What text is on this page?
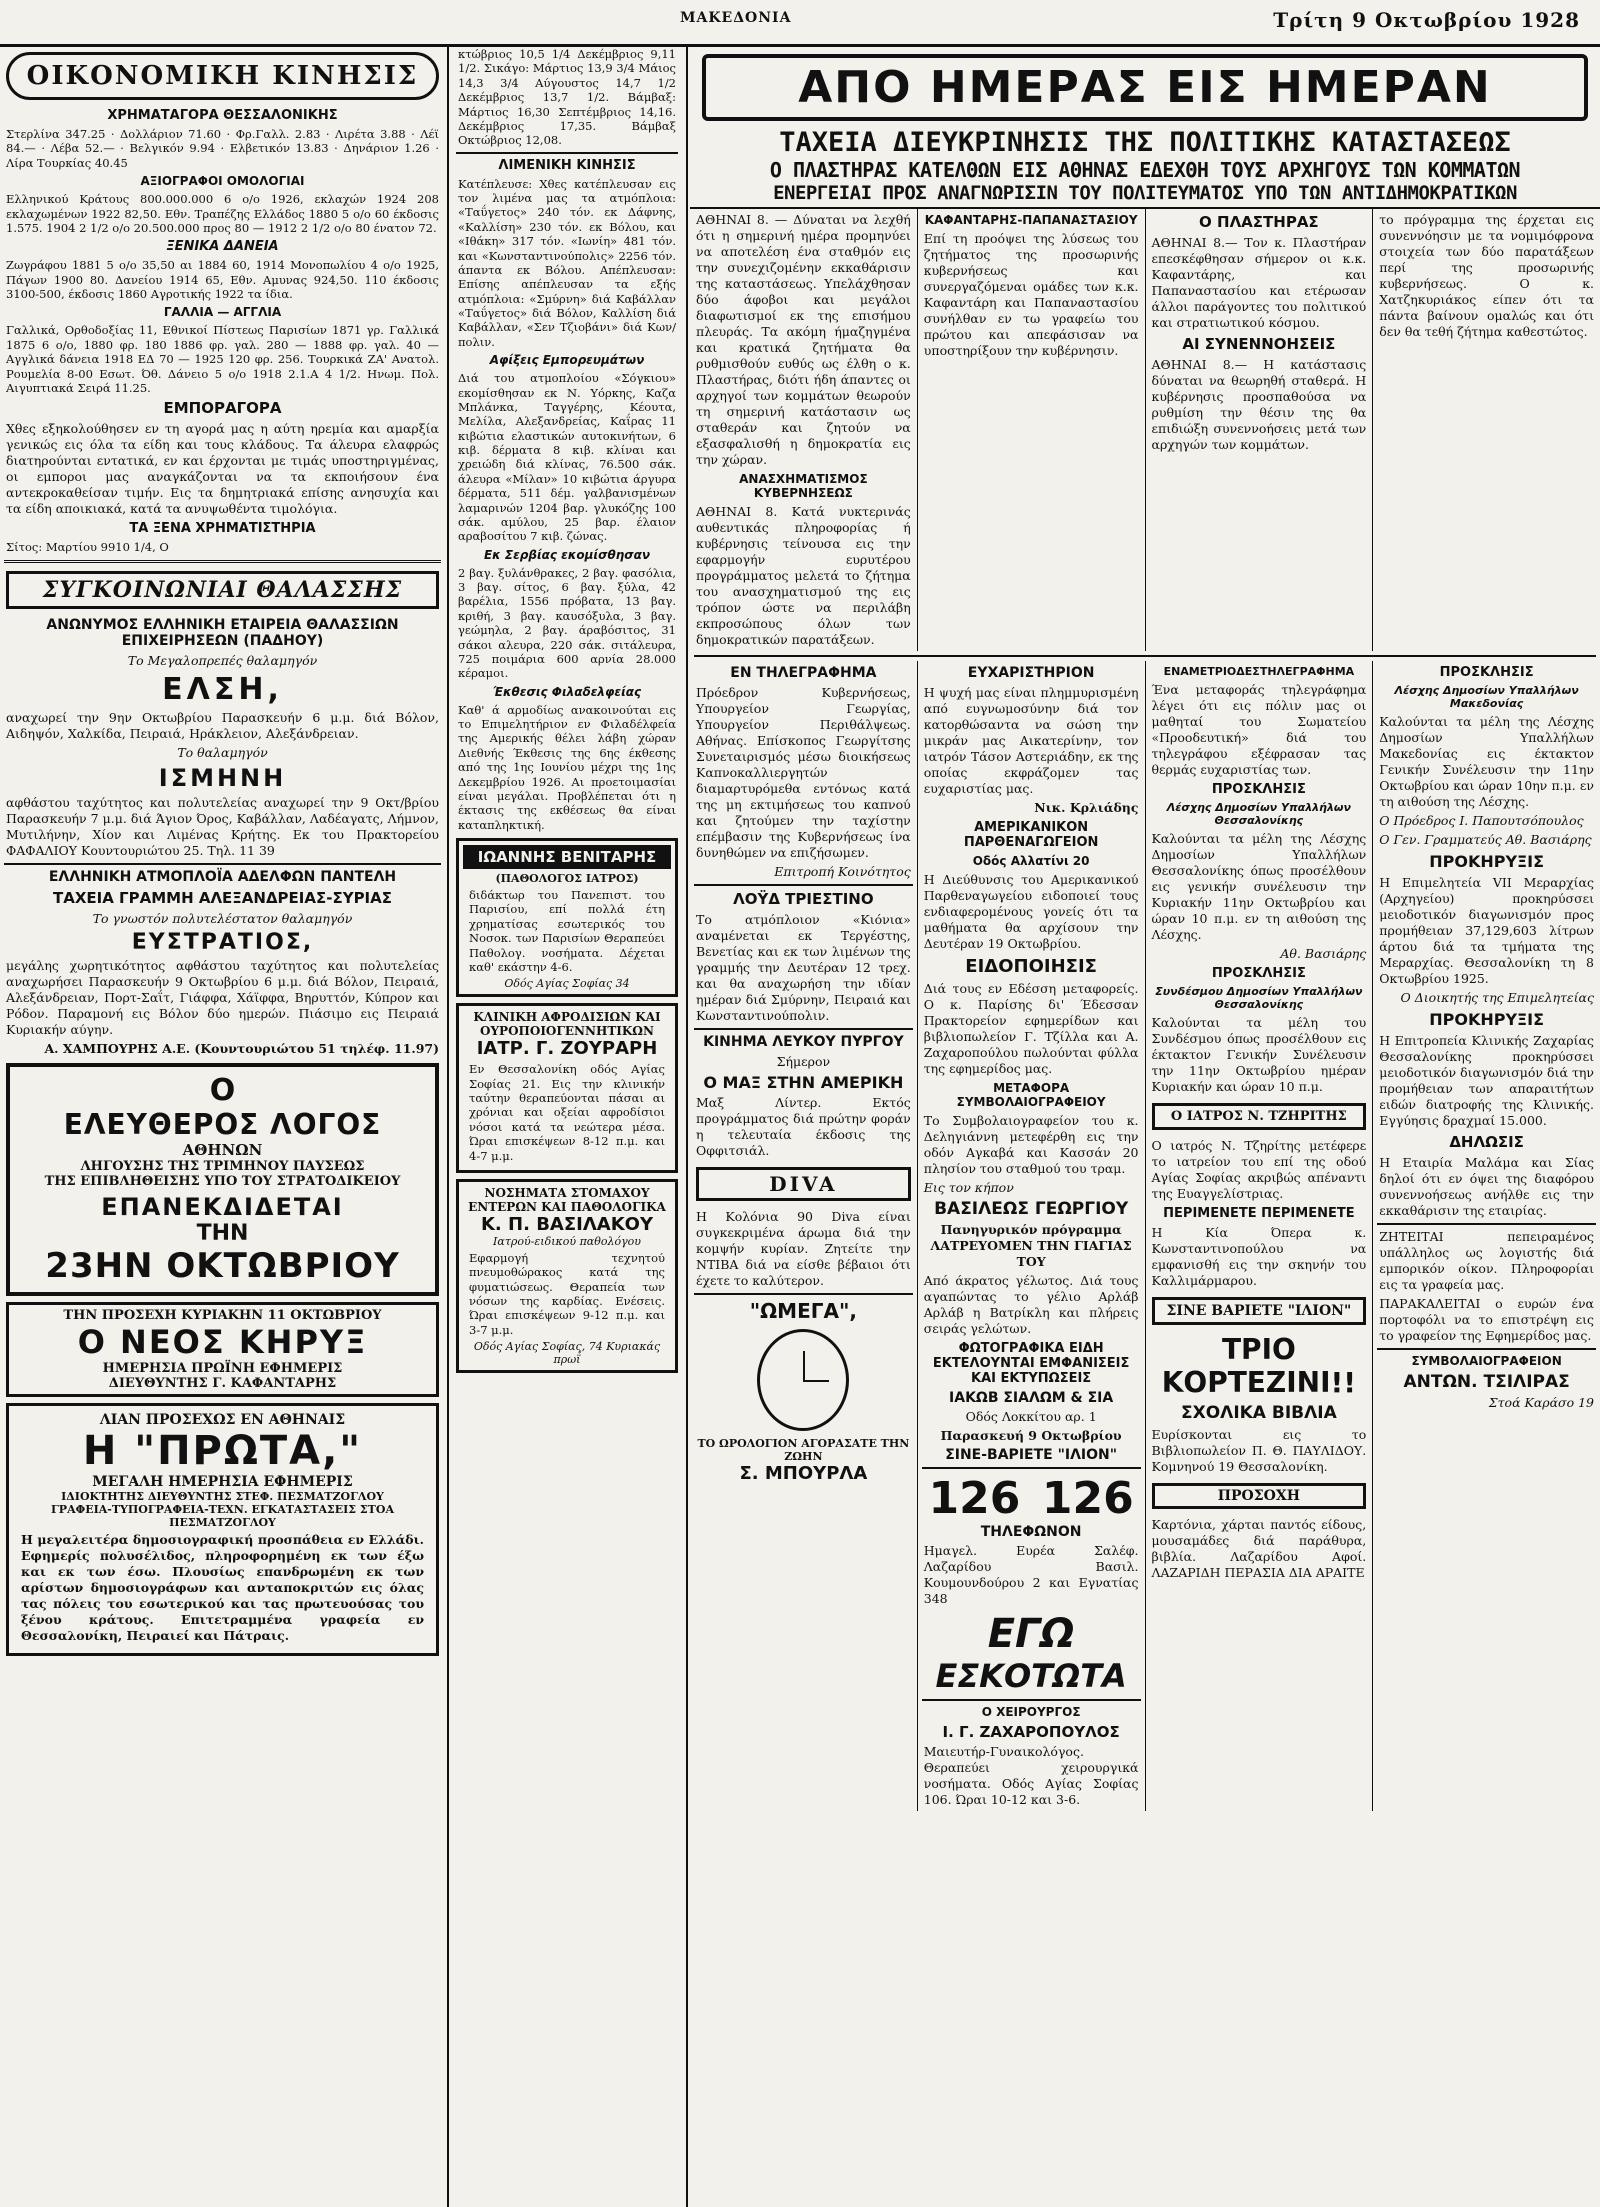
ΜΑΚΕΔΟΝΙΑ	Τρίτη 9 Οκτωβρίου 1928
ΟΙΚΟΝΟΜΙΚΗ ΚΙΝΗΣΙΣ
ΧΡΗΜΑΤΑΓΟΡΑ ΘΕΣΣΑΛΟΝΙΚΗΣ
Στερλίνα 347.25 · Δολλάριον 71.60 · Φρ.Γαλλ. 2.83 · Λιρέτα 3.88 · Λέϊ 84.— · Λέβα 52.— · Βελγικόν 9.94 · Ελβετικόν 13.83 · Δηνάριον 1.26 · Λίρα Τουρκίας 40.45
ΑΞΙΟΓΡΑΦΟΙ ΟΜΟΛΟΓΙΑΙ
Ελληνικού Κράτους 800.000.000 6 ο/ο 1926, εκλαχών 1924 208 εκλαχωμένων 1922 82,50. Εθν. Τραπέζης Ελλάδος 1880 5 ο/ο 60 έκδοσις 1.575. 1904 2 1/2 ο/ο 20.500.000 προς 80 — 1912 2 1/2 ο/ο 80 ένατον 72.
ΞΕΝΙΚΑ ΔΑΝΕΙΑ
Ζωγράφου 1881 5 ο/ο 35,50 αι 1884 60, 1914 Μονοπωλίου 4 ο/ο 1925, Πάγων 1900 80. Δανείου 1914 65, Εθν. Αμυνας 924,50. 110 έκδοσις 3100-500, έκδοσις 1860 Αγροτικής 1922 τα ίδια.
ΓΑΛΛΙΑ — ΑΓΓΛΙΑ
Γαλλικά, Ορθοδοξίας 11, Εθνικοί Πίστεως Παρισίων 1871 γρ. Γαλλικά 1875 6 ο/ο, 1880 φρ. 180 1886 φρ. γαλ. 280 — 1888 φρ. γαλ. 40 — Αγγλικά δάνεια 1918 ΕΔ 70 — 1925 120 φρ. 256. Τουρκικά ΖΑ' Ανατολ. Ρουμελία 8-00 Εσωτ. Όθ. Δάνειο 5 ο/ο 1918 2.1.Α 4 1/2. Ηνωμ. Πολ. Αιγυπτιακά Σειρά 11.25.
ΕΜΠΟΡΑΓΟΡΑ
Χθες εξηκολούθησεν εν τη αγορά μας η αύτη ηρεμία και αμαρξία γενικώς εις όλα τα είδη και τους κλάδους. Τα άλευρα ελαφρώς διατηρούνται εντατικά, εν και έρχονται με τιμάς υποστηριγμένας, οι εμποροι μας αναγκάζονται να τα εκποιήσουν ένα αντεκροκαθείσαν τιμήν. Εις τα δημητριακά επίσης ανησυχία και τα είδη αποικιακά, κατά τα ανυψωθέντα τιμολόγια.
ΤΑ ΞΕΝΑ ΧΡΗΜΑΤΙΣΤΗΡΙΑ
Σίτος: Μαρτίου 9910 1/4, Ο
ΣΥΓΚΟΙΝΩΝΙΑΙ ΘΑΛΑΣΣΗΣ
ΑΝΩΝΥΜΟΣ ΕΛΛΗΝΙΚΗ ΕΤΑΙΡΕΙΑ ΘΑΛΑΣΣΙΩΝ ΕΠΙΧΕΙΡΗΣΕΩΝ (ΠΑΔΗΟΥ)
Το Μεγαλοπρεπές θαλαμηγόν
ΕΛΣΗ,
αναχωρεί την 9ην Οκτωβρίου Παρασκευήν 6 μ.μ. διά Βόλον, Αιδηψόν, Χαλκίδα, Πειραιά, Ηράκλειον, Αλεξάνδρειαν.
Το θαλαμηγόν
ΙΣΜΗΝΗ
αφθάστου ταχύτητος και πολυτελείας αναχωρεί την 9 Οκτ/βρίου Παρασκευήν 7 μ.μ. διά Άγιον Όρος, Καβάλλαν, Λαδέαγατς, Λήμνον, Μυτιλήνην, Χίον και Λιμένας Κρήτης. Εκ του Πρακτορείου ΦΑΦΑΛΙΟΥ Κουντουριώτου 25. Τηλ. 11 39
ΕΛΛΗΝΙΚΗ ΑΤΜΟΠΛΟΪΑ ΑΔΕΛΦΩΝ ΠΑΝΤΕΛΗ
ΤΑΧΕΙΑ ΓΡΑΜΜΗ ΑΛΕΞΑΝΔΡΕΙΑΣ-ΣΥΡΙΑΣ
Το γνωστόν πολυτελέστατον θαλαμηγόν
ΕΥΣΤΡΑΤΙΟΣ,
μεγάλης χωρητικότητος αφθάστου ταχύτητος και πολυτελείας αναχωρήσει Παρασκευήν 9 Οκτωβρίου 6 μ.μ. διά Βόλον, Πειραιά, Αλεξάνδρειαν, Πορτ-Σαΐτ, Γιάφφα, Χάϊφφα, Βηρυττόν, Κύπρον και Ρόδον. Παραμονή εις Βόλον δύο ημερών. Πιάσιμο εις Πειραιά Κυριακήν αύγην.
Α. ΧΑΜΠΟΥΡΗΣ Α.Ε. (Κουντουριώτου 51 τηλέφ. 11.97)
Ο
ΕΛΕΥΘΕΡΟΣ ΛΟΓΟΣ
ΑΘΗΝΩΝ
ΛΗΓΟΥΣΗΣ ΤΗΣ ΤΡΙΜΗΝΟΥ ΠΑΥΣΕΩΣ
ΤΗΣ ΕΠΙΒΛΗΘΕΙΣΗΣ ΥΠΟ ΤΟΥ ΣΤΡΑΤΟΔΙΚΕΙΟΥ
ΕΠΑΝΕΚΔΙΔΕΤΑΙ
ΤΗΝ
23ΗΝ ΟΚΤΩΒΡΙΟΥ
ΤΗΝ ΠΡΟΣΕΧΗ ΚΥΡΙΑΚΗΝ 11 ΟΚΤΩΒΡΙΟΥ
Ο ΝΕΟΣ ΚΗΡΥΞ
ΗΜΕΡΗΣΙΑ ΠΡΩΪΝΗ ΕΦΗΜΕΡΙΣ
ΔΙΕΥΘΥΝΤΗΣ Γ. ΚΑΦΑΝΤΑΡΗΣ
ΛΙΑΝ ΠΡΟΣΕΧΩΣ ΕΝ ΑΘΗΝΑΙΣ
Η "ΠΡΩΤΑ,"
ΜΕΓΑΛΗ ΗΜΕΡΗΣΙΑ ΕΦΗΜΕΡΙΣ
ΙΔΙΟΚΤΗΤΗΣ ΔΙΕΥΘΥΝΤΗΣ ΣΤΕΦ. ΠΕΣΜΑΤΖΟΓΛΟΥ
ΓΡΑΦΕΙΑ-ΤΥΠΟΓΡΑΦΕΙΑ-ΤΕΧΝ. ΕΓΚΑΤΑΣΤΑΣΕΙΣ ΣΤΟΑ ΠΕΣΜΑΤΖΟΓΛΟΥ
Η μεγαλειτέρα δημοσιογραφική προσπάθεια εν Ελλάδι. Εφημερίς πολυσέλιδος, πληροφορημένη εκ των έξω και εκ των έσω. Πλουσίως επανδρωμένη εκ των αρίστων δημοσιογράφων και ανταποκριτών εις όλας τας πόλεις του εσωτερικού και τας πρωτευούσας του ξένου κράτους. Επιτετραμμένα γραφεία εν Θεσσαλονίκη, Πειραιεί και Πάτραις.
κτώβριος 10,5 1/4 Δεκέμβριος 9,11 1/2. Σικάγο: Μάρτιος 13,9 3/4 Μάιος 14,3 3/4 Αύγουστος 14,7 1/2 Δεκέμβριος 13,7 1/2. Βάμβαξ: Μάρτιος 16,30 Σεπτέμβριος 14,16. Δεκέμβριος 17,35. Βάμβαξ Οκτώβριος 12,08.
ΛΙΜΕΝΙΚΗ ΚΙΝΗΣΙΣ
Κατέπλευσε: Χθες κατέπλευσαν εις τον λιμένα μας τα ατμόπλοια: «Ταΰγετος» 240 τόν. εκ Δάφνης, «Καλλίση» 230 τόν. εκ Βόλου, και «Ιθάκη» 317 τόν. «Ιωνίη» 481 τόν. και «Κωνσταντινούπολις» 2256 τόν. άπαντα εκ Βόλου. Απέπλευσαν: Επίσης απέπλευσαν τα εξής ατμόπλοια: «Σμύρνη» διά Καβάλλαν «Ταΰγετος» διά Βόλον, Καλλίση διά Καβάλλαν, «Σεν Τζιοβάνι» διά Κων/πολιν.
Αφίξεις Εμπορευμάτων
Διά του ατμοπλοίου «Σόγκιου» εκομίσθησαν εκ Ν. Υόρκης, Καζα Μπλάνκα, Ταγγέρης, Κέουτα, Μελίλα, Αλεξανδρείας, Καΐρας 11 κιβώτια ελαστικών αυτοκινήτων, 6 κιβ. δέρματα 8 κιβ. κλίναι και χρειώδη διά κλίνας, 76.500 σάκ. άλευρα «Μίλαν» 10 κιβώτια άργυρα δέρματα, 511 δέμ. γαλβανισμένων λαμαρινών 1204 βαρ. γλυκόζης 100 σάκ. αμύλου, 25 βαρ. έλαιον αραβοσίτου 7 κιβ. ζώνας.
Εκ Σερβίας εκομίσθησαν
2 βαγ. ξυλάνθρακες, 2 βαγ. φασόλια, 3 βαγ. σίτος, 6 βαγ. ξύλα, 42 βαρέλια, 1556 πρόβατα, 13 βαγ. κριθή, 3 βαγ. καυσόξυλα, 3 βαγ. γεώμηλα, 2 βαγ. άραβόσιτος, 31 σάκοι αλευρα, 220 σάκ. σιτάλευρα, 725 ποιμάρια 600 αρνία 28.000 κέραμοι.
Έκθεσις Φιλαδελφείας
Καθ' ά αρμοδίως ανακοινούται εις το Επιμελητήριον εν Φιλαδέλφεία της Αμερικής θέλει λάβη χώραν Διεθνής Έκθεσις της 6ης έκθεσης από της 1ης Ιουνίου μέχρι της 1ης Δεκεμβρίου 1926. Αι προετοιμασίαι είναι μεγάλαι. Προβλέπεται ότι η έκτασις της εκθέσεως θα είναι καταπληκτική.
ΙΩΑΝΝΗΣ ΒΕΝΙΤΑΡΗΣ
(ΠΑΘΟΛΟΓΟΣ ΙΑΤΡΟΣ)
διδάκτωρ του Πανεπιστ. του Παρισίου, επί πολλά έτη χρηματίσας εσωτερικός του Νοσοκ. των Παρισίων Θεραπεύει Παθολογ. νοσήματα. Δέχεται καθ' εκάστην 4-6.
Οδός Αγίας Σοφίας 34
ΚΛΙΝΙΚΗ ΑΦΡΟΔΙΣΙΩΝ ΚΑΙ ΟΥΡΟΠΟΙΟΓΕΝΝΗΤΙΚΩΝ
ΙΑΤΡ. Γ. ΖΟΥΡΑΡΗ
Εν Θεσσαλονίκη οδός Αγίας Σοφίας 21. Εις την κλινικήν ταύτην θεραπεύονται πάσαι αι χρόνιαι και οξείαι αφροδίσιοι νόσοι κατά τα νεώτερα μέσα. Ώραι επισκέψεων 8-12 π.μ. και 4-7 μ.μ.
ΝΟΣΗΜΑΤΑ ΣΤΟΜΑΧΟΥ ΕΝΤΕΡΩΝ ΚΑΙ ΠΑΘΟΛΟΓΙΚΑ
Κ. Π. ΒΑΣΙΛΑΚΟΥ
Ιατρού-ειδικού παθολόγου
Εφαρμογή τεχνητού πνευμοθώρακος κατά της φυματιώσεως. Θεραπεία των νόσων της καρδίας. Ενέσεις. Ώραι επισκέψεων 9-12 π.μ. και 3-7 μ.μ.
Οδός Αγίας Σοφίας, 74 Κυριακάς πρωΐ
ΑΠΟ ΗΜΕΡΑΣ ΕΙΣ ΗΜΕΡΑΝ
ΤΑΧΕΙΑ ΔΙΕΥΚΡΙΝΗΣΙΣ ΤΗΣ ΠΟΛΙΤΙΚΗΣ ΚΑΤΑΣΤΑΣΕΩΣ
Ο ΠΛΑΣΤΗΡΑΣ ΚΑΤΕΛΘΩΝ ΕΙΣ ΑΘΗΝΑΣ ΕΔΕΧΘΗ ΤΟΥΣ ΑΡΧΗΓΟΥΣ ΤΩΝ ΚΟΜΜΑΤΩΝ
ΕΝΕΡΓΕΙΑΙ ΠΡΟΣ ΑΝΑΓΝΩΡΙΣΙΝ ΤΟΥ ΠΟΛΙΤΕΥΜΑΤΟΣ ΥΠΟ ΤΩΝ ΑΝΤΙΔΗΜΟΚΡΑΤΙΚΩΝ
ΑΘΗΝΑΙ 8. — Δύναται να λεχθή ότι η σημερινή ημέρα προμηνύει να αποτελέση ένα σταθμόν εις την συνεχιζομένην εκκαθάρισιν της καταστάσεως. Υπελάχθησαν δύο άφοβοι και μεγάλοι διαφωτισμοί εκ της επισήμου πλευράς. Τα ακόμη ήμαζηγμένα και κρατικά ζητήματα θα ρυθμισθούν ευθύς ως έλθη ο κ. Πλαστήρας, διότι ήδη άπαντες οι αρχηγοί των κομμάτων θεωρούν τη σημερινή κατάστασιν ως σταθεράν και ζητούν να εξασφαλισθή η δημοκρατία εις την χώραν.
ΑΝΑΣΧΗΜΑΤΙΣΜΟΣ ΚΥΒΕΡΝΗΣΕΩΣ
ΑΘΗΝΑΙ 8. Κατά νυκτερινάς αυθεντικάς πληροφορίας ή κυβέρνησις τείνουσα εις την εφαρμογήν ευρυτέρου προγράμματος μελετά το ζήτημα του ανασχηματισμού της εις τρόπον ώστε να περιλάβη εκπροσώπους όλων των δημοκρατικών παρατάξεων.
ΚΑΦΑΝΤΑΡΗΣ-ΠΑΠΑΝΑΣΤΑΣΙΟΥ
Επί τη προόψει της λύσεως του ζητήματος της προσωρινής κυβερνήσεως και συνεργαζόμεναι ομάδες των κ.κ. Καφαντάρη και Παπαναστασίου συνήλθαν εν τω γραφείω του πρώτου και απεφάσισαν να υποστηρίξουν την κυβέρνησιν.
Ο ΠΛΑΣΤΗΡΑΣ
ΑΘΗΝΑΙ 8.— Τον κ. Πλαστήραν επεσκέφθησαν σήμερον οι κ.κ. Καφαντάρης, και Παπαναστασίου και ετέρωσαν άλλοι παράγοντες του πολιτικού και στρατιωτικού κόσμου.
ΑΙ ΣΥΝΕΝΝΟΗΣΕΙΣ
ΑΘΗΝΑΙ 8.— Η κατάστασις δύναται να θεωρηθή σταθερά. Η κυβέρνησις προσπαθούσα να ρυθμίση την θέσιν της θα επιδιώξη συνεννοήσεις μετά των αρχηγών των κομμάτων.
το πρόγραμμα της έρχεται εις συνεννόησιν με τα νομιμόφρονα στοιχεία των δύο παρατάξεων περί της προσωρινής κυβερνήσεως. Ο κ. Χατζηκυριάκος είπεν ότι τα πάντα βαίνουν ομαλώς και ότι δεν θα τεθή ζήτημα καθεστώτος.
ΕΝ ΤΗΛΕΓΡΑΦΗΜΑ
Πρόεδρον Κυβερνήσεως, Υπουργείον Γεωργίας, Υπουργείον Περιθάλψεως. Αθήνας. Επίσκοπος Γεωργίτσης Συνεταιρισμός μέσω διοικήσεως Καπνοκαλλιεργητών διαμαρτυρόμεθα εντόνως κατά της μη εκτιμήσεως του καπνού και ζητούμεν την ταχίστην επέμβασιν της Κυβερνήσεως ίνα δυνηθώμεν να επιζήσωμεν.
Επιτροπή Κοινότητος
ΛΟΫΔ ΤΡΙΕΣΤΙΝΟ
Το ατμόπλοιον «Κιόνια» αναμένεται εκ Τεργέστης, Βενετίας και εκ των λιμένων της γραμμής την Δευτέραν 12 τρεχ. και θα αναχωρήση την ιδίαν ημέραν διά Σμύρνην, Πειραιά και Κωνσταντινούπολιν.
ΚΙΝΗΜΑ ΛΕΥΚΟΥ ΠΥΡΓΟΥ
Σήμερον
Ο ΜΑΞ ΣΤΗΝ ΑΜΕΡΙΚΗ
Μαξ Λίντερ. Εκτός προγράμματος διά πρώτην φοράν η τελευταία έκδοσις της Οφφιτσιάλ.
DIVA
Η Κολόνια 90 Diva είναι συγκεκριμένα άρωμα διά την κομψήν κυρίαν. Ζητείτε την ΝΤΙΒΑ διά να είσθε βέβαιοι ότι έχετε το καλύτερον.
"ΩΜΕΓΑ",
ΤΟ ΩΡΟΛΟΓΙΟΝ ΑΓΟΡΑΣΑΤΕ ΤΗΝ ΖΩΗΝ
Σ. ΜΠΟΥΡΛΑ
ΕΥΧΑΡΙΣΤΗΡΙΟΝ
Η ψυχή μας είναι πλημμυρισμένη από ευγνωμοσύνην διά τον κατορθώσαντα να σώση την μικράν μας Αικατερίνην, τον ιατρόν Τάσον Αστεριάδην, εκ της οποίας εκφράζομεν τας ευχαριστίας μας.
Νικ. Κρλιάδης
ΑΜΕΡΙΚΑΝΙΚΟΝ ΠΑΡΘΕΝΑΓΩΓΕΙΟΝ
Οδός Αλλατίνι 20
Η Διεύθυνσις του Αμερικανικού Παρθεναγωγείου ειδοποιεί τους ενδιαφερομένους γονείς ότι τα μαθήματα θα αρχίσουν την Δευτέραν 19 Οκτωβρίου.
ΕΙΔΟΠΟΙΗΣΙΣ
Διά τους εν Εδέσση μεταφορείς. Ο κ. Παρίσης δι' Έδεσσαν Πρακτορείον εφημερίδων και βιβλιοπωλείον Γ. Τζίλλα και Α. Ζαχαροπούλου πωλούνται φύλλα της εφημερίδος μας.
ΜΕΤΑΦΟΡΑ ΣΥΜΒΟΛΑΙΟΓΡΑΦΕΙΟΥ
Το Συμβολαιογραφείον του κ. Δεληγιάννη μετεφέρθη εις την οδόν Αγκαβά και Κασσάν 20 πλησίον του σταθμού του τραμ.
Εις τον κήπον
ΒΑΣΙΛΕΩΣ ΓΕΩΡΓΙΟΥ
Πανηγυρικόν πρόγραμμα ΛΑΤΡΕΥΟΜΕΝ ΤΗΝ ΓΙΑΓΙΑΣ ΤΟΥ
Από άκρατος γέλωτος. Διά τους αγαπώντας το γέλιο Αρλάβ Αρλάβ η Βατρίκλη και πλήρεις σειράς γελώτων.
ΦΩΤΟΓΡΑΦΙΚΑ ΕΙΔΗ ΕΚΤΕΛΟΥΝΤΑΙ ΕΜΦΑΝΙΣΕΙΣ ΚΑΙ ΕΚΤΥΠΩΣΕΙΣ
ΙΑΚΩΒ ΣΙΑΛΩΜ & ΣΙΑ
Οδός Λοκκίτου αρ. 1
Παρασκευή 9 Οκτωβρίου
ΣΙΝΕ-ΒΑΡΙΕΤΕ "ΙΛΙΟΝ"
126 126
ΤΗΛΕΦΩΝΟΝ
Ημαγελ. Ευρέα Σαλέφ. Λαζαρίδου Βασιλ. Κουμουνδούρου 2 και Εγνατίας 348
ΕΓΩ
ΕΣΚΟΤΩΤΑ
Ο ΧΕΙΡΟΥΡΓΟΣ
Ι. Γ. ΖΑΧΑΡΟΠΟΥΛΟΣ
Μαιευτήρ-Γυναικολόγος. Θεραπεύει χειρουργικά νοσήματα. Οδός Αγίας Σοφίας 106. Ώραι 10-12 και 3-6.
ΕΝΑΜΕΤΡΙΟΔΕΣΤΗΛΕΓΡΑΦΗΜΑ
Ένα μεταφοράς τηλεγράφημα λέγει ότι εις πόλιν μας οι μαθηταί του Σωματείου «Προοδευτική» διά του τηλεγράφου εξέφρασαν τας θερμάς ευχαριστίας των.
ΠΡΟΣΚΛΗΣΙΣ
Λέσχης Δημοσίων Υπαλλήλων Θεσσαλονίκης
Καλούνται τα μέλη της Λέσχης Δημοσίων Υπαλλήλων Θεσσαλονίκης όπως προσέλθουν εις γενικήν συνέλευσιν την Κυριακήν 11ην Οκτωβρίου και ώραν 10 π.μ. εν τη αιθούση της Λέσχης.
Αθ. Βασιάρης
ΠΡΟΣΚΛΗΣΙΣ
Συνδέσμου Δημοσίων Υπαλλήλων Θεσσαλονίκης
Καλούνται τα μέλη του Συνδέσμου όπως προσέλθουν εις έκτακτον Γενικήν Συνέλευσιν την 11ην Οκτωβρίου ημέραν Κυριακήν και ώραν 10 π.μ.
Ο ΙΑΤΡΟΣ Ν. ΤΖΗΡΙΤΗΣ
Ο ιατρός Ν. Τζηρίτης μετέφερε το ιατρείον του επί της οδού Αγίας Σοφίας ακριβώς απέναντι της Ευαγγελίστριας.
ΠΕΡΙΜΕΝΕΤΕ ΠΕΡΙΜΕΝΕΤΕ
Η Κία Όπερα κ. Κωνσταντινοπούλου να εμφανισθή εις την σκηνήν του Καλλιμάρμαρου.
ΣΙΝΕ ΒΑΡΙΕΤΕ "ΙΛΙΟΝ"
ΤΡΙΟ ΚΟΡΤΕΖΙΝΙ!!
ΣΧΟΛΙΚΑ ΒΙΒΛΙΑ
Ευρίσκονται εις το Βιβλιοπωλείον Π. Θ. ΠΑΥΛΙΔΟΥ. Κομνηνού 19 Θεσσαλονίκη.
ΠΡΟΣΟΧΗ
Καρτόνια, χάρται παντός είδους, μουσαμάδες διά παράθυρα, βιβλία. Λαζαρίδου Αφοί. ΛΑΖΑΡΙΔΗ ΠΕΡΑΣΙΑ ΔΙΑ ΑΡΑΙΤΕ
ΠΡΟΣΚΛΗΣΙΣ
Λέσχης Δημοσίων Υπαλλήλων Μακεδονίας
Καλούνται τα μέλη της Λέσχης Δημοσίων Υπαλλήλων Μακεδονίας εις έκτακτον Γενικήν Συνέλευσιν την 11ην Οκτωβρίου και ώραν 10ην π.μ. εν τη αιθούση της Λέσχης.
Ο Πρόεδρος Ι. Παπουτσόπουλος
Ο Γεν. Γραμματεύς Αθ. Βασιάρης
ΠΡΟΚΗΡΥΞΙΣ
Η Επιμελητεία VII Μεραρχίας (Αρχηγείου) προκηρύσσει μειοδοτικόν διαγωνισμόν προς προμήθειαν 37,129,603 λίτρων άρτου διά τα τμήματα της Μεραρχίας. Θεσσαλονίκη τη 8 Οκτωβρίου 1925.
Ο Διοικητής της Επιμελητείας
ΠΡΟΚΗΡΥΞΙΣ
Η Επιτροπεία Κλινικής Ζαχαρίας Θεσσαλονίκης προκηρύσσει μειοδοτικόν διαγωνισμόν διά την προμήθειαν των απαραιτήτων ειδών διατροφής της Κλινικής. Εγγύησις δραχμαί 15.000.
ΔΗΛΩΣΙΣ
Η Εταιρία Μαλάμα και Σίας δηλοί ότι εν όψει της διαφόρου συνεννοήσεως ανήλθε εις την εκκαθάρισιν της εταιρίας.
ΖΗΤΕΙΤΑΙ πεπειραμένος υπάλληλος ως λογιστής διά εμπορικόν οίκον. Πληροφορίαι εις τα γραφεία μας.
ΠΑΡΑΚΑΛΕΙΤΑΙ ο ευρών ένα πορτοφόλι να το επιστρέψη εις το γραφείον της Εφημερίδος μας.
ΣΥΜΒΟΛΑΙΟΓΡΑΦΕΙΟΝ
ΑΝΤΩΝ. ΤΣΙΛΙΡΑΣ
Στοά Καράσο 19
